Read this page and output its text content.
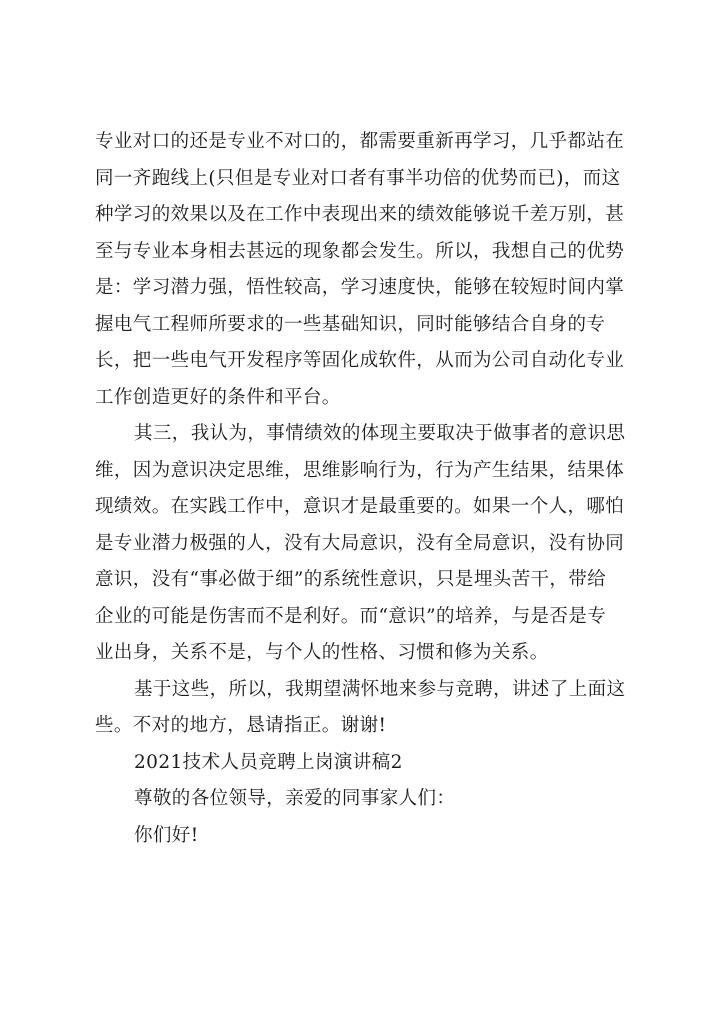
专业对口的还是专业不对口的，都需要重新再学习，几乎都站在
同一齐跑线上(只但是专业对口者有事半功倍的优势而已)，而这
种学习的效果以及在工作中表现出来的绩效能够说千差万别，甚
至与专业本身相去甚远的现象都会发生。所以，我想自己的优势
是：学习潜力强，悟性较高，学习速度快，能够在较短时间内掌
握电气工程师所要求的一些基础知识，同时能够结合自身的专
长，把一些电气开发程序等固化成软件，从而为公司自动化专业
工作创造更好的条件和平台。
其三，我认为，事情绩效的体现主要取决于做事者的意识思
维，因为意识决定思维，思维影响行为，行为产生结果，结果体
现绩效。在实践工作中，意识才是最重要的。如果一个人，哪怕
是专业潜力极强的人，没有大局意识，没有全局意识，没有协同
意识，没有“事必做于细”的系统性意识，只是埋头苦干，带给
企业的可能是伤害而不是利好。而“意识”的培养，与是否是专
业出身，关系不是，与个人的性格、习惯和修为关系。
基于这些，所以，我期望满怀地来参与竞聘，讲述了上面这
些。不对的地方，恳请指正。谢谢!
2021技术人员竞聘上岗演讲稿2
尊敬的各位领导，亲爱的同事家人们：
你们好!
